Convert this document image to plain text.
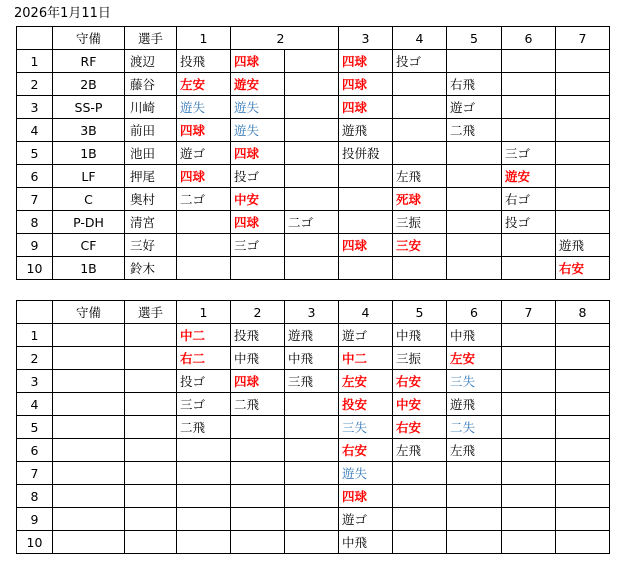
2026年1月11日
	守備	選手	1	2		3	4	5	6	7
1	RF	渡辺	投飛	四球		四球	投ゴ			
2	2B	藤谷	左安	遊安		四球		右飛		
3	SS-P	川崎	遊失	遊失		四球		遊ゴ		
4	3B	前田	四球	遊失		遊飛		二飛		
5	1B	池田	遊ゴ	四球		投併殺			三ゴ	
6	LF	押尾	四球	投ゴ			左飛		遊安	
7	C	奥村	二ゴ	中安			死球		右ゴ	
8	P-DH	清宮		四球	二ゴ		三振		投ゴ	
9	CF	三好		三ゴ		四球	三安			遊飛
10	1B	鈴木								右安
	守備	選手	1	2	3	4	5	6	7	8
1			中二	投飛	遊飛	遊ゴ	中飛	中飛		
2			右二	中飛	中飛	中二	三振	左安		
3			投ゴ	四球	三飛	左安	右安	三失		
4			三ゴ	二飛		投安	中安	遊飛		
5			二飛			三失	右安	二失		
6						右安	左飛	左飛		
7						遊失				
8						四球				
9						遊ゴ				
10						中飛				
